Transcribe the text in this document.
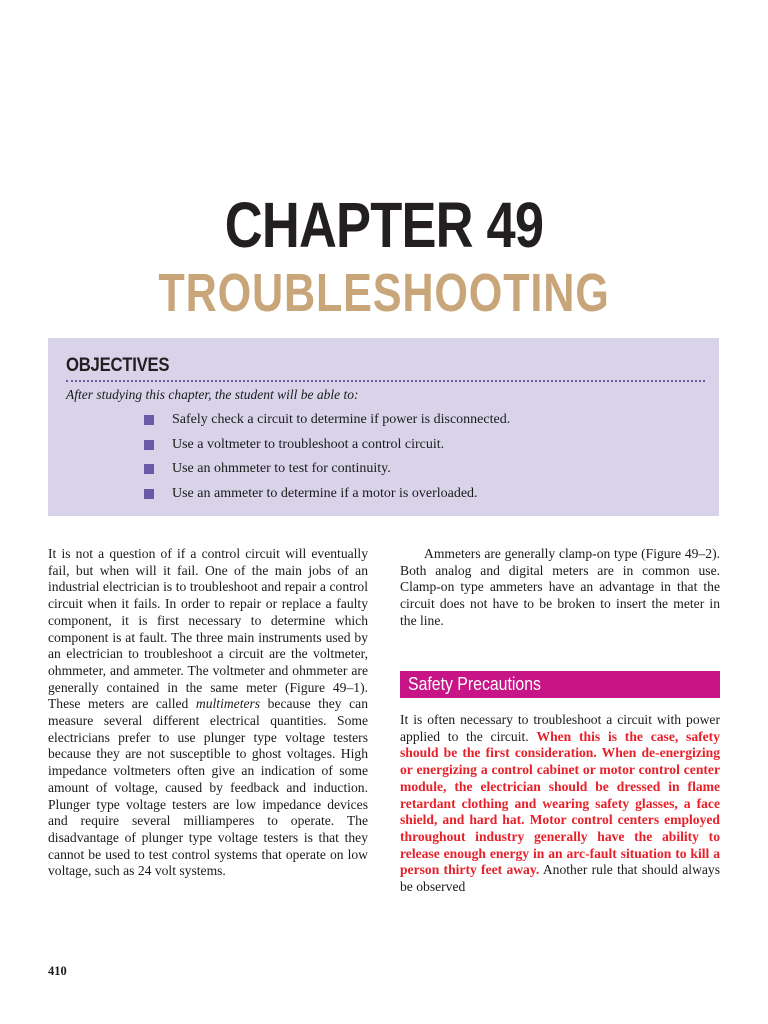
CHAPTER 49
TROUBLESHOOTING
OBJECTIVES
After studying this chapter, the student will be able to:
Safely check a circuit to determine if power is disconnected.
Use a voltmeter to troubleshoot a control circuit.
Use an ohmmeter to test for continuity.
Use an ammeter to determine if a motor is overloaded.
It is not a question of if a control circuit will eventually fail, but when will it fail. One of the main jobs of an industrial electrician is to troubleshoot and repair a control circuit when it fails. In order to repair or replace a faulty component, it is first necessary to determine which component is at fault. The three main instruments used by an electrician to troubleshoot a circuit are the voltmeter, ohmmeter, and ammeter. The voltmeter and ohmmeter are generally contained in the same meter (Figure 49–1). These meters are called multimeters because they can measure several different electrical quantities. Some electricians prefer to use plunger type voltage testers because they are not susceptible to ghost voltages. High impedance voltmeters often give an indication of some amount of voltage, caused by feedback and induction. Plunger type voltage testers are low impedance devices and require several milliamperes to operate. The disadvantage of plunger type voltage testers is that they cannot be used to test control systems that operate on low voltage, such as 24 volt systems.
Ammeters are generally clamp-on type (Figure 49–2). Both analog and digital meters are in common use. Clamp-on type ammeters have an advantage in that the circuit does not have to be broken to insert the meter in the line.
Safety Precautions
It is often necessary to troubleshoot a circuit with power applied to the circuit. When this is the case, safety should be the first consideration. When de-energizing or energizing a control cabinet or motor control center module, the electrician should be dressed in flame retardant clothing and wearing safety glasses, a face shield, and hard hat. Motor control centers employed throughout industry generally have the ability to release enough energy in an arc-fault situation to kill a person thirty feet away. Another rule that should always be observed
410
